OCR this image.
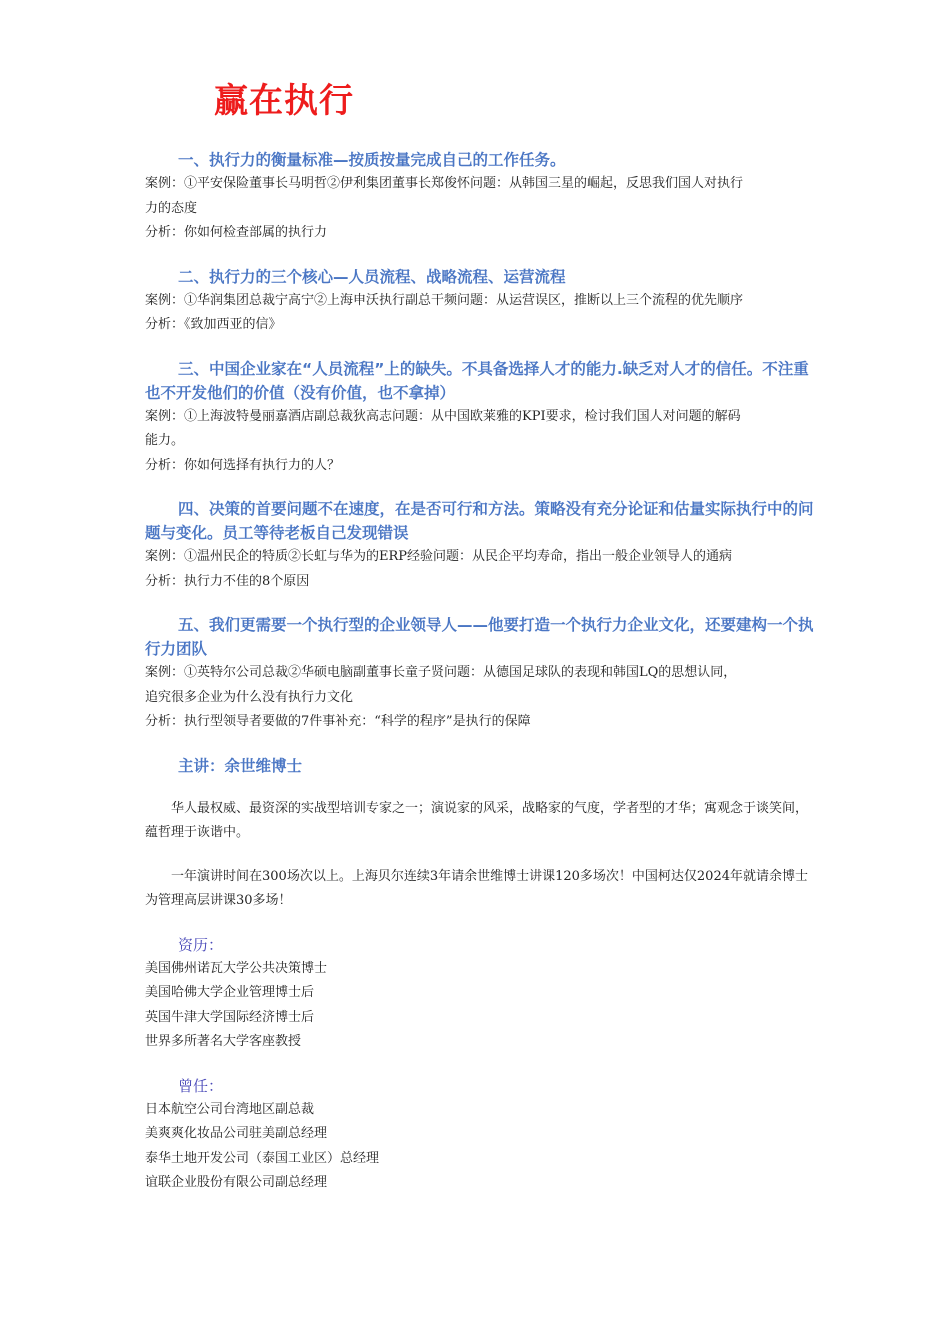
赢在执行

一、执行力的衡量标准—按质按量完成自己的工作任务。

案例：①平安保险董事长马明哲②伊利集团董事长郑俊怀问题：从韩国三星的崛起，反思我们国人对执行

力的态度

分析：你如何检查部属的执行力

二、执行力的三个核心—人员流程、战略流程、运营流程

案例：①华润集团总裁宁高宁②上海申沃执行副总干频问题：从运营误区，推断以上三个流程的优先顺序

分析：《致加西亚的信》

三、中国企业家在“人员流程”上的缺失。不具备选择人才的能力.缺乏对人才的信任。不注重也不开发他们的价值（没有价值，也不拿掉）

案例：①上海波特曼丽嘉酒店副总裁狄高志问题：从中国欧莱雅的KPI要求，检讨我们国人对问题的解码

能力。

分析：你如何选择有执行力的人？

四、决策的首要问题不在速度，在是否可行和方法。策略没有充分论证和估量实际执行中的问题与变化。员工等待老板自己发现错误

案例：①温州民企的特质②长虹与华为的ERP经验问题：从民企平均寿命，指出一般企业领导人的通病

分析：执行力不佳的8个原因

五、我们更需要一个执行型的企业领导人——他要打造一个执行力企业文化，还要建构一个执行力团队

案例：①英特尔公司总裁②华硕电脑副董事长童子贤问题：从德国足球队的表现和韩国LQ的思想认同，

追究很多企业为什么没有执行力文化

分析：执行型领导者要做的7件事补充：“科学的程序”是执行的保障

主讲：余世维博士

华人最权威、最资深的实战型培训专家之一；演说家的风采，战略家的气度，学者型的才华；寓观念于谈笑间，蕴哲理于诙谐中。

一年演讲时间在300场次以上。上海贝尔连续3年请余世维博士讲课120多场次！中国柯达仅2024年就请余博士为管理高层讲课30多场！

资历：

美国佛州诺瓦大学公共决策博士

美国哈佛大学企业管理博士后

英国牛津大学国际经济博士后

世界多所著名大学客座教授

曾任：

日本航空公司台湾地区副总裁

美爽爽化妆品公司驻美副总经理

泰华土地开发公司（泰国工业区）总经理

谊联企业股份有限公司副总经理
